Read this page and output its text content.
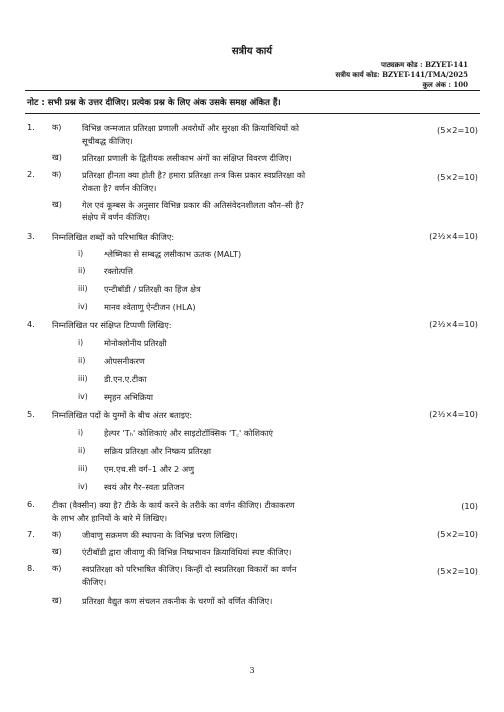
सत्रीय कार्य
पाठ्यक्रम कोड : BZYET-141
सत्रीय कार्य कोड: BZYET-141/TMA/2025
कुल अंक : 100
नोट : सभी प्रश्न के उत्तर दीजिए। प्रत्येक प्रश्न के लिए अंक उसके समक्ष अंकित हैं।
1. क)	विभिन्न जन्मजात प्रतिरक्षा प्रणाली अवरोधों और सुरक्षा की क्रियाविधियों को	(5×2=10)
सूचीबद्ध कीजिए।
ख) प्रतिरक्षा प्रणाली के द्वितीयक लसीकाभ अंगों का संक्षिप्त विवरण दीजिए।
2. क)	प्रतिरक्षा हीनता क्या होती है? हमारा प्रतिरक्षा तन्त्र किस प्रकार स्वप्रतिरक्षा को	(5×2=10)
रोकता है? वर्णन कीजिए।
ख) गेल एवं कूम्बस के अनुसार विभिन्न प्रकार की अतिसंवेदनशीलता कौन–सी है?
संक्षेप में वर्णन कीजिए।
3. निम्नलिखित शब्दों को परिभाषित कीजिए:	(2½×4=10)
i)	श्लेष्मिका से सम्बद्ध लसीकाभ ऊतक (MALT)
ii) रक्तोत्पत्ति
iii) एन्टीबॉडी / प्रतिरक्षी का हिंज क्षेत्र
iv) मानव श्वेताणु ऐन्टीजन (HLA)
4. निम्नलिखित पर संक्षिप्त टिप्पणी लिखिए:	(2½×4=10)
i)	मोनोक्लोनीय प्रतिरक्षी
ii) ओपसनीकरण
iii) डी.एन.ए.टीका
iv) स्मृहन अभिक्रिया
5. निम्नलिखित पदों के युग्मों के बीच अंतर बताइए:	(2½×4=10)
i)	हेल्पर 'Tₕ' कोशिकाएं और साइटोटॉक्सिक 'T꜀' कोशिकाएं
ii) सक्रिय प्रतिरक्षा और निष्क्रय प्रतिरक्षा
iii) एम.एच.सी वर्ग–1 और 2 अणु
iv) स्वयं और गैर–स्वतः प्रतिजन
6. टीका (वैक्सीन) क्या है? टीके के कार्य करने के तरीके का वर्णन कीजिए। टीकाकरण	(10)
के लाभ और हानियों के बारे में लिखिए।
7. क)	जीवाणु सक्रमण की स्थापना के विभिन्न चरण लिखिए।	(5×2=10)
ख) एंटीबॉडी द्वारा जीवाणु की विभिन्न निष्प्रभावन क्रियाविधियां स्पष्ट कीजिए।
8. क)	स्वप्रतिरक्षा को परिभाषित कीजिए। किन्हीं दो स्वप्रतिरक्षा विकारों का वर्णन	(5×2=10)
कीजिए।
ख) प्रतिरक्षा वैद्युत कण संचलन तकनीक के चरणों को वर्णित कीजिए।
3
